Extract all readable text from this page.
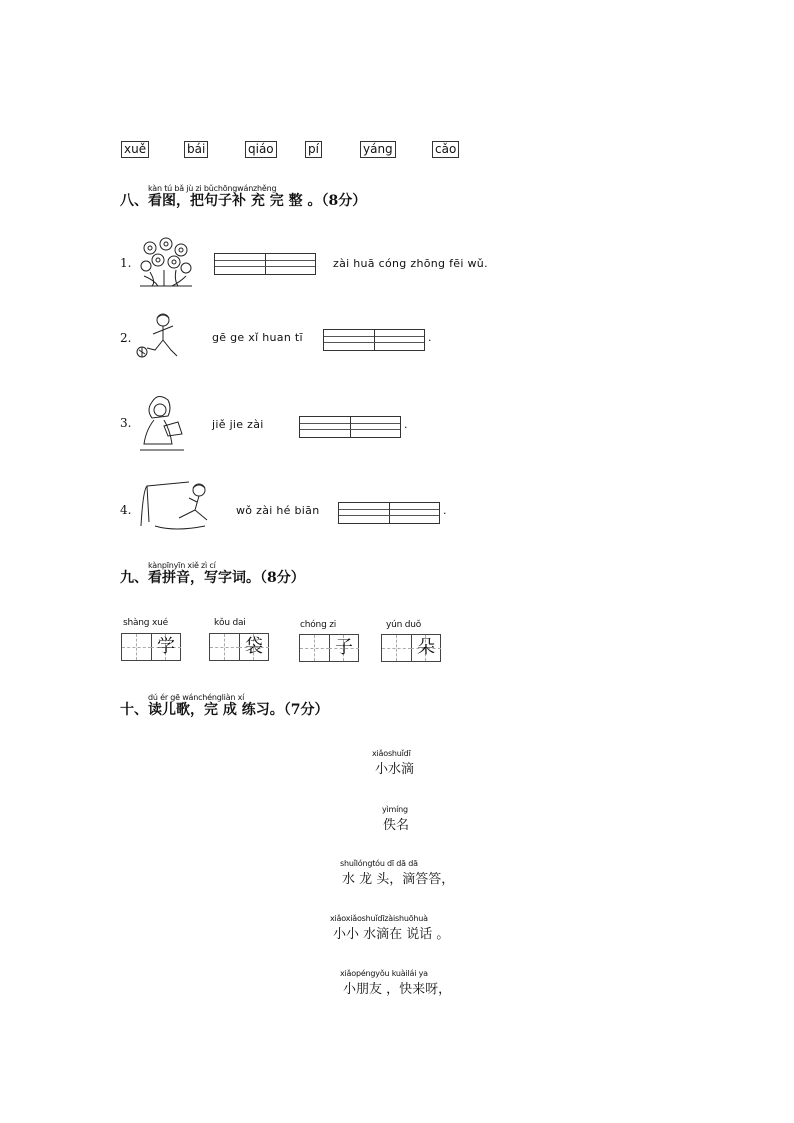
xuě	bái	qiáo	pí	yáng	cǎo
kàn tú bǎ jù zi bǔchōngwánzhěng
八、看图，把句子补 充 完 整 。（8分）
1.	zài huā cóng zhōng fēi wǔ.
2.	gē ge xǐ huan tī	.
3.	jiě jie zài	.
4.	wǒ zài hé biān	.
kànpīnyīn xiě zì cí
九、看拼音，写字词。（8分）
shàng xué
学
kǒu dai
袋
chóng zi
子
yún duǒ
朵
dú ér gē wánchéngliàn xí
十、读儿歌，完 成 练习。（7分）
xiǎoshuǐdī
小水滴
yìmíng
佚名
shuǐlóngtóu dī dā dā
水 龙 头，滴答答，
xiǎoxiǎoshuǐdīzàishuōhuà
小小 水滴在 说话 。
xiǎopéngyǒu kuàilái ya
小朋友 ，快来呀，
